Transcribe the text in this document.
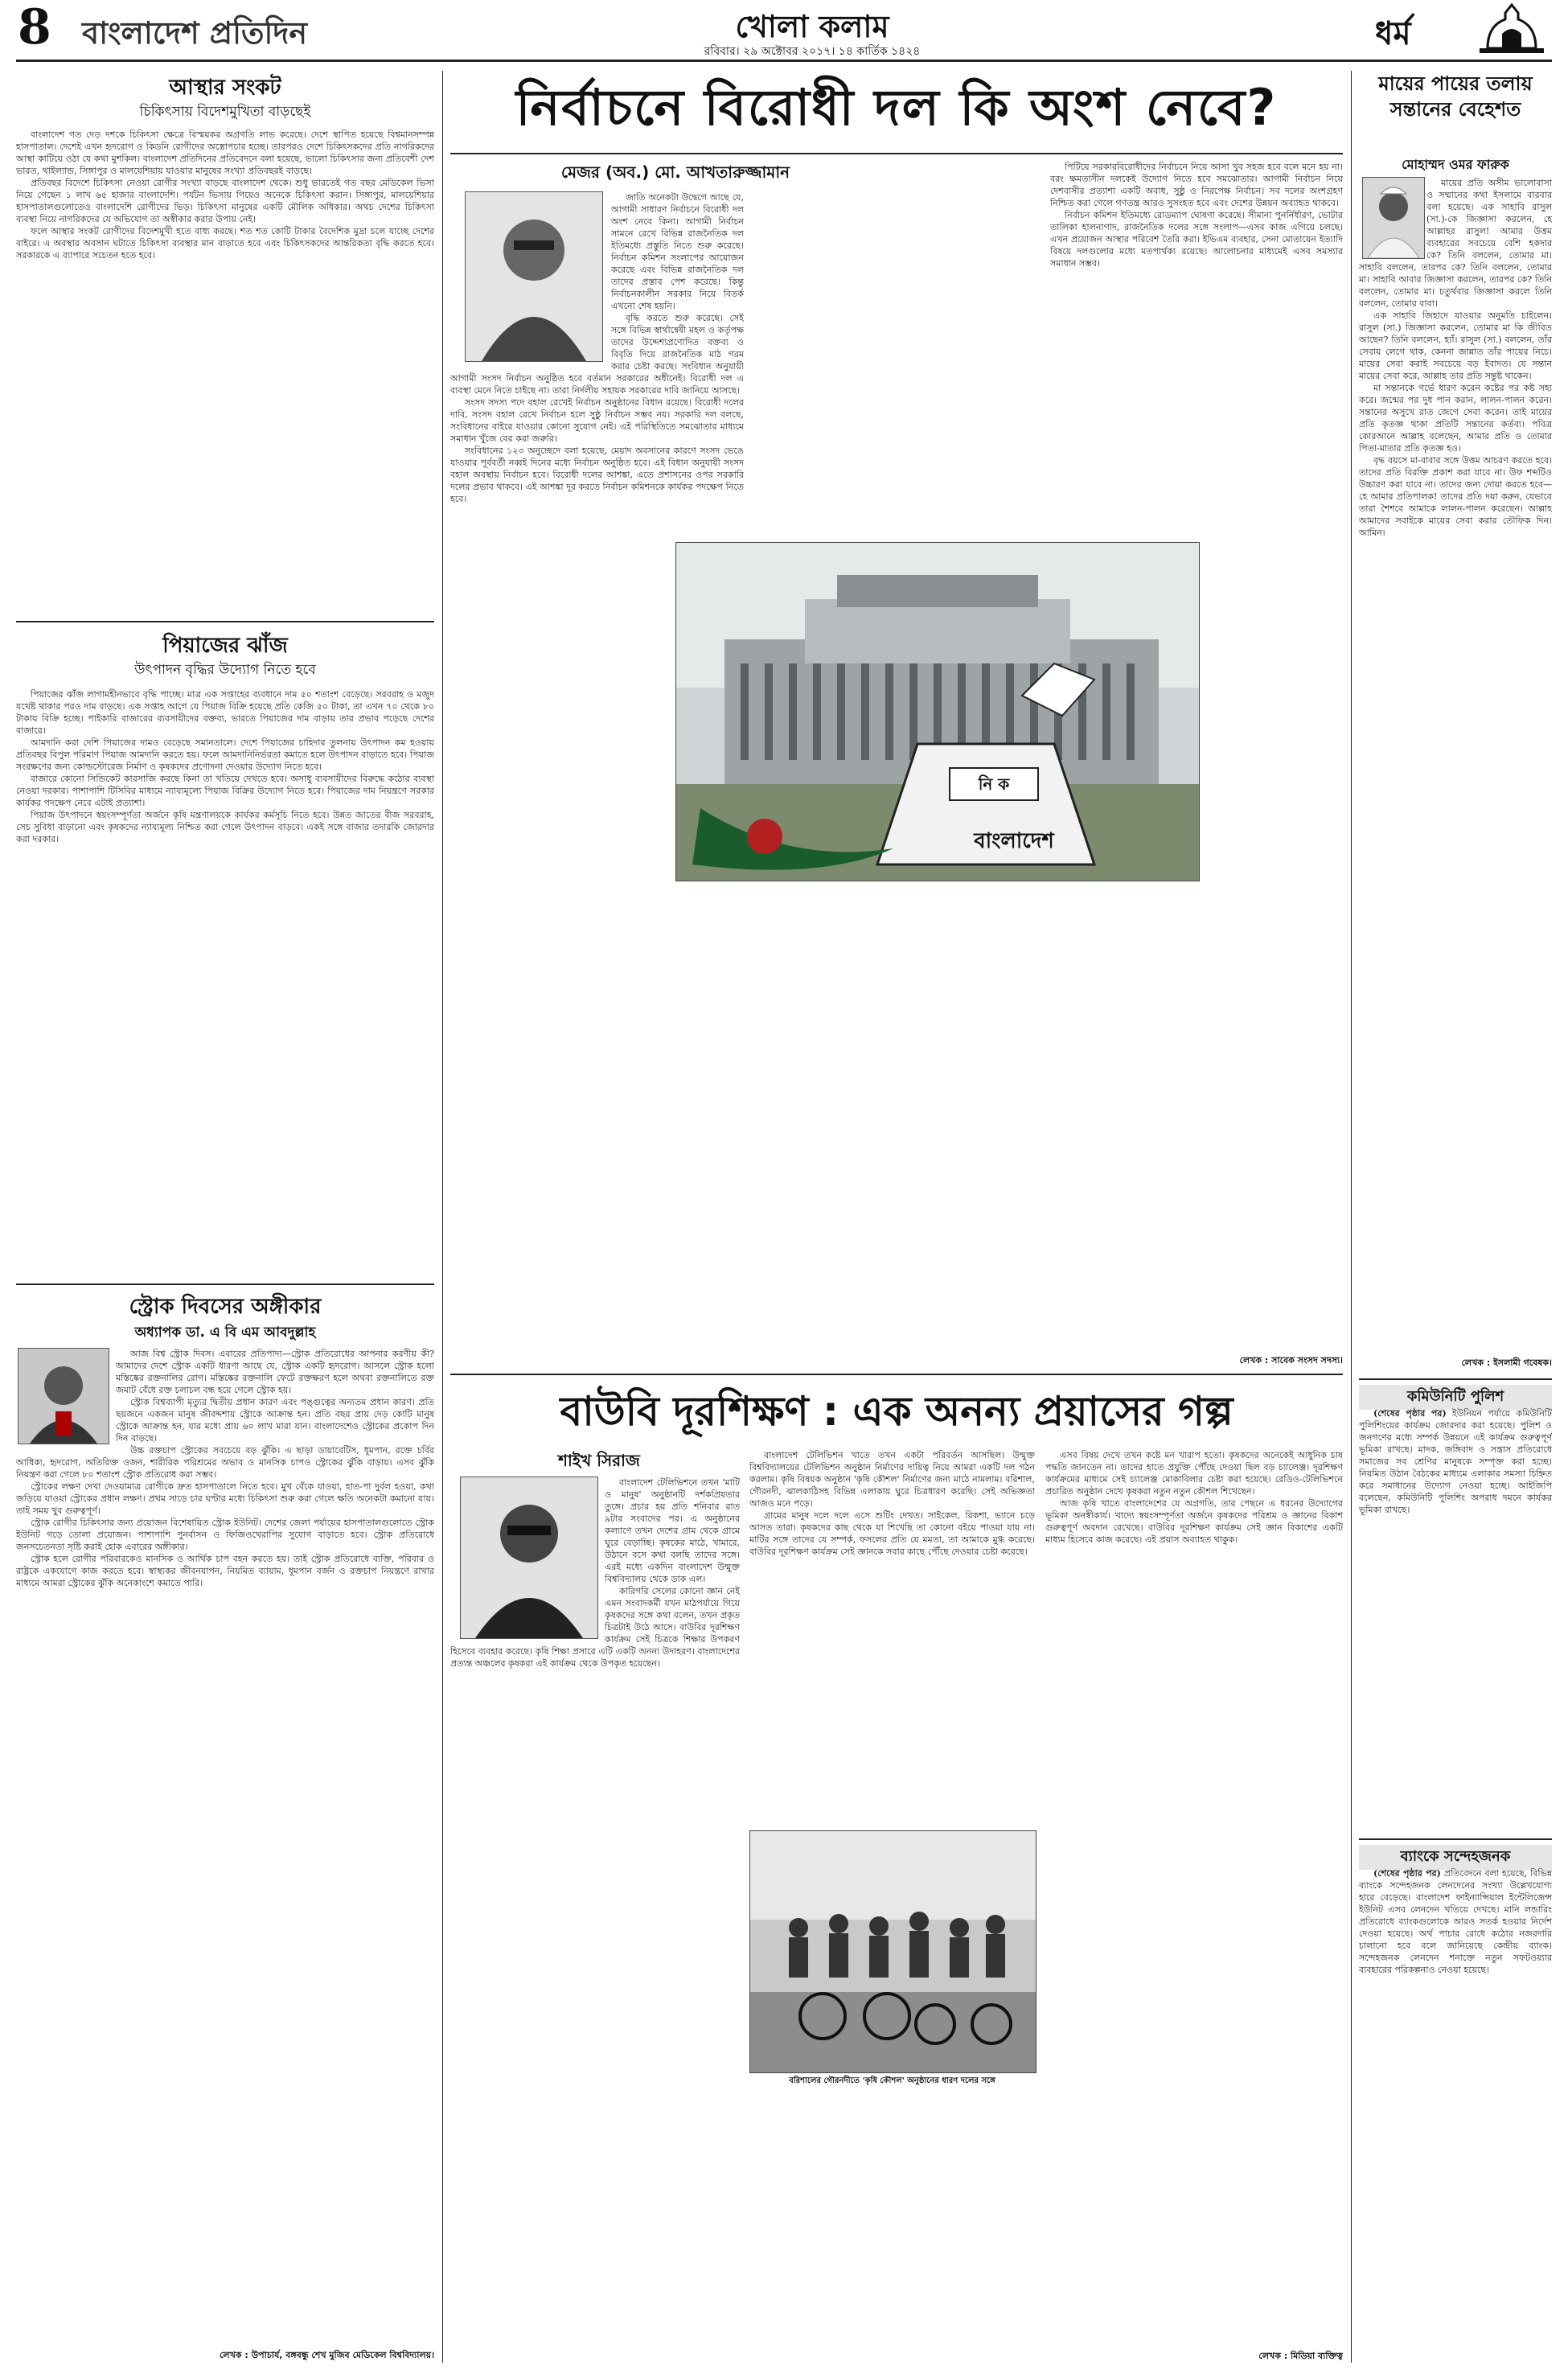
8 বাংলাদেশ প্রতিদিন	খোলা কলাম
রবিবার। ২৯ অক্টোবর ২০১৭। ১৪ কার্তিক ১৪২৪	ধর্ম
আস্থার সংকট
চিকিৎসায় বিদেশমুখিতা বাড়ছেই

বাংলাদেশ গত দেড় দশকে চিকিৎসা ক্ষেত্রে বিস্ময়কর অগ্রগতি লাভ করেছে। দেশে স্থাপিত হয়েছে বিশ্বমানসম্পন্ন হাসপাতাল। দেশেই এখন হৃদরোগ ও কিডনি রোগীদের অস্ত্রোপচার হচ্ছে। তারপরও দেশে চিকিৎসকদের প্রতি নাগরিকদের আস্থা কাটিয়ে ওঠা যে কথা মুশকিল। বাংলাদেশ প্রতিদিনের প্রতিবেদনে বলা হয়েছে, ভালো চিকিৎসার জন্য প্রতিবেশী দেশ ভারত, থাইল্যান্ড, সিঙ্গাপুর ও মালয়েশিয়ায় যাওয়ার মানুষের সংখ্যা প্রতিবছরই বাড়ছে।

প্রতিবছর বিদেশে চিকিৎসা নেওয়া রোগীর সংখ্যা বাড়ছে বাংলাদেশ থেকে। শুধু ভারতেই গত বছর মেডিকেল ভিসা নিয়ে গেছেন ১ লাখ ৬৫ হাজার বাংলাদেশি। পর্যটন ভিসায় গিয়েও অনেকে চিকিৎসা করান। সিঙ্গাপুর, মালয়েশিয়ার হাসপাতালগুলোতেও বাংলাদেশি রোগীদের ভিড়। চিকিৎসা মানুষের একটি মৌলিক অধিকার। অথচ দেশের চিকিৎসা ব্যবস্থা নিয়ে নাগরিকদের যে অভিযোগ তা অস্বীকার করার উপায় নেই।

ফলে আস্থার সংকট রোগীদের বিদেশমুখী হতে বাধ্য করছে। শত শত কোটি টাকার বৈদেশিক মুদ্রা চলে যাচ্ছে দেশের বাইরে। এ অবস্থার অবসান ঘটাতে চিকিৎসা ব্যবস্থার মান বাড়াতে হবে এবং চিকিৎসকদের আন্তরিকতা বৃদ্ধি করতে হবে। সরকারকে এ ব্যাপারে সচেতন হতে হবে।

পিয়াজের ঝাঁজ
উৎপাদন বৃদ্ধির উদ্যোগ নিতে হবে

পিয়াজের ঝাঁজ লাগামহীনভাবে বৃদ্ধি পাচ্ছে। মাত্র এক সপ্তাহের ব্যবধানে দাম ৫০ শতাংশ বেড়েছে। সরবরাহ ও মজুদ যথেষ্ট থাকার পরও দাম বাড়ছে। এক সপ্তাহ আগে যে পিয়াজ বিক্রি হয়েছে প্রতি কেজি ৫০ টাকা, তা এখন ৭০ থেকে ৮০ টাকায় বিক্রি হচ্ছে। পাইকারি বাজারের ব্যবসায়ীদের বক্তব্য, ভারতে পিয়াজের দাম বাড়ায় তার প্রভাব পড়েছে দেশের বাজারে।

আমদানি করা দেশি পিয়াজের দামও বেড়েছে সমানতালে। দেশে পিয়াজের চাহিদার তুলনায় উৎপাদন কম হওয়ায় প্রতিবছর বিপুল পরিমাণ পিয়াজ আমদানি করতে হয়। ফলে আমদানিনির্ভরতা কমাতে হলে উৎপাদন বাড়াতে হবে। পিয়াজ সংরক্ষণের জন্য কোল্ডস্টোরেজ নির্মাণ ও কৃষকদের প্রণোদনা দেওয়ার উদ্যোগ নিতে হবে।

বাজারে কোনো সিন্ডিকেট কারসাজি করছে কিনা তা খতিয়ে দেখতে হবে। অসাধু ব্যবসায়ীদের বিরুদ্ধে কঠোর ব্যবস্থা নেওয়া দরকার। পাশাপাশি টিসিবির মাধ্যমে ন্যায্যমূল্যে পিয়াজ বিক্রির উদ্যোগ নিতে হবে। পিয়াজের দাম নিয়ন্ত্রণে সরকার কার্যকর পদক্ষেপ নেবে এটাই প্রত্যাশা।

পিয়াজ উৎপাদনে স্বয়ংসম্পূর্ণতা অর্জনে কৃষি মন্ত্রণালয়কে কার্যকর কর্মসূচি নিতে হবে। উন্নত জাতের বীজ সরবরাহ, সেচ সুবিধা বাড়ানো এবং কৃষকদের ন্যায্যমূল্য নিশ্চিত করা গেলে উৎপাদন বাড়বে। একই সঙ্গে বাজার তদারকি জোরদার করা দরকার।

স্ট্রোক দিবসের অঙ্গীকার
অধ্যাপক ডা. এ বি এম আবদুল্লাহ

আজ বিশ্ব স্ট্রোক দিবস। এবারের প্রতিপাদ্য—স্ট্রোক প্রতিরোধের আপনার করণীয় কী? আমাদের দেশে স্ট্রোক একটি ধারণা আছে যে, স্ট্রোক একটি হৃদরোগ। আসলে স্ট্রোক হলো মস্তিষ্কের রক্তনালির রোগ। মস্তিষ্কের রক্তনালি ফেটে রক্তক্ষরণ হলে অথবা রক্তনালিতে রক্ত জমাট বেঁধে রক্ত চলাচল বন্ধ হয়ে গেলে স্ট্রোক হয়।

স্ট্রোক বিশ্বব্যাপী মৃত্যুর দ্বিতীয় প্রধান কারণ এবং পঙ্গুত্বের অন্যতম প্রধান কারণ। প্রতি ছয়জনে একজন মানুষ জীবদ্দশায় স্ট্রোকে আক্রান্ত হন। প্রতি বছর প্রায় দেড় কোটি মানুষ স্ট্রোকে আক্রান্ত হন, যার মধ্যে প্রায় ৬০ লাখ মারা যান। বাংলাদেশেও স্ট্রোকের প্রকোপ দিন দিন বাড়ছে।

উচ্চ রক্তচাপ স্ট্রোকের সবচেয়ে বড় ঝুঁকি। এ ছাড়া ডায়াবেটিস, ধূমপান, রক্তে চর্বির আধিক্য, হৃদরোগ, অতিরিক্ত ওজন, শারীরিক পরিশ্রমের অভাব ও মানসিক চাপও স্ট্রোকের ঝুঁকি বাড়ায়। এসব ঝুঁকি নিয়ন্ত্রণ করা গেলে ৮০ শতাংশ স্ট্রোক প্রতিরোধ করা সম্ভব।

স্ট্রোকের লক্ষণ দেখা দেওয়ামাত্র রোগীকে দ্রুত হাসপাতালে নিতে হবে। মুখ বেঁকে যাওয়া, হাত-পা দুর্বল হওয়া, কথা জড়িয়ে যাওয়া স্ট্রোকের প্রধান লক্ষণ। প্রথম সাড়ে চার ঘণ্টার মধ্যে চিকিৎসা শুরু করা গেলে ক্ষতি অনেকটা কমানো যায়। তাই সময় খুব গুরুত্বপূর্ণ।

স্ট্রোক রোগীর চিকিৎসার জন্য প্রয়োজন বিশেষায়িত স্ট্রোক ইউনিট। দেশের জেলা পর্যায়ের হাসপাতালগুলোতে স্ট্রোক ইউনিট গড়ে তোলা প্রয়োজন। পাশাপাশি পুনর্বাসন ও ফিজিওথেরাপির সুযোগ বাড়াতে হবে। স্ট্রোক প্রতিরোধে জনসচেতনতা সৃষ্টি করাই হোক এবারের অঙ্গীকার।

স্ট্রোক হলে রোগীর পরিবারকেও মানসিক ও আর্থিক চাপ বহন করতে হয়। তাই স্ট্রোক প্রতিরোধে ব্যক্তি, পরিবার ও রাষ্ট্রকে একযোগে কাজ করতে হবে। স্বাস্থ্যকর জীবনযাপন, নিয়মিত ব্যায়াম, ধূমপান বর্জন ও রক্তচাপ নিয়ন্ত্রণে রাখার মাধ্যমে আমরা স্ট্রোকের ঝুঁকি অনেকাংশে কমাতে পারি।

লেখক : উপাচার্য, বঙ্গবন্ধু শেখ মুজিব মেডিকেল বিশ্ববিদ্যালয়।
নির্বাচনে বিরোধী দল কি অংশ নেবে?
মেজর (অব.) মো. আখতারুজ্জামান

জাতি অনেকটা উদ্বেগে আছে যে, আগামী সাধারণ নির্বাচনে বিরোধী দল অংশ নেবে কিনা। আগামী নির্বাচন সামনে রেখে বিভিন্ন রাজনৈতিক দল ইতিমধ্যে প্রস্তুতি নিতে শুরু করেছে। নির্বাচন কমিশন সংলাপের আয়োজন করেছে এবং বিভিন্ন রাজনৈতিক দল তাদের প্রস্তাব পেশ করেছে। কিন্তু নির্বাচনকালীন সরকার নিয়ে বিতর্ক এখনো শেষ হয়নি।

বৃদ্ধি করতে শুরু করেছে। সেই সঙ্গে বিভিন্ন স্বার্থান্বেষী মহল ও কর্তৃপক্ষ তাদের উদ্দেশ্যপ্রণোদিত বক্তব্য ও বিবৃতি দিয়ে রাজনৈতিক মাঠ গরম করার চেষ্টা করছে। সংবিধান অনুযায়ী আগামী সংসদ নির্বাচন অনুষ্ঠিত হবে বর্তমান সরকারের অধীনেই। বিরোধী দল এ ব্যবস্থা মেনে নিতে চাইছে না। তারা নির্দলীয় সহায়ক সরকারের দাবি জানিয়ে আসছে।

সংসদ সদস্য পদে বহাল রেখেই নির্বাচন অনুষ্ঠানের বিধান রয়েছে। বিরোধী দলের দাবি, সংসদ বহাল রেখে নির্বাচন হলে সুষ্ঠু নির্বাচন সম্ভব নয়। সরকারি দল বলছে, সংবিধানের বাইরে যাওয়ার কোনো সুযোগ নেই। এই পরিস্থিতিতে সমঝোতার মাধ্যমে সমাধান খুঁজে বের করা জরুরি।

সংবিধানের ১২৩ অনুচ্ছেদে বলা হয়েছে, মেয়াদ অবসানের কারণে সংসদ ভেঙে যাওয়ার পূর্ববর্তী নব্বই দিনের মধ্যে নির্বাচন অনুষ্ঠিত হবে। এই বিধান অনুযায়ী সংসদ বহাল অবস্থায় নির্বাচন হবে। বিরোধী দলের আশঙ্কা, এতে প্রশাসনের ওপর সরকারি দলের প্রভাব থাকবে। এই আশঙ্কা দূর করতে নির্বাচন কমিশনকে কার্যকর পদক্ষেপ নিতে হবে।

পিটিয়ে সরকারবিরোধীদের নির্বাচনে নিয়ে আসা খুব সহজ হবে বলে মনে হয় না। বরং ক্ষমতাসীন দলকেই উদ্যোগ নিতে হবে সমঝোতার। আগামী নির্বাচন নিয়ে দেশবাসীর প্রত্যাশা একটি অবাধ, সুষ্ঠু ও নিরপেক্ষ নির্বাচন। সব দলের অংশগ্রহণ নিশ্চিত করা গেলে গণতন্ত্র আরও সুসংহত হবে এবং দেশের উন্নয়ন অব্যাহত থাকবে।

নির্বাচন কমিশন ইতিমধ্যে রোডম্যাপ ঘোষণা করেছে। সীমানা পুনর্নির্ধারণ, ভোটার তালিকা হালনাগাদ, রাজনৈতিক দলের সঙ্গে সংলাপ—এসব কাজ এগিয়ে চলছে। এখন প্রয়োজন আস্থার পরিবেশ তৈরি করা। ইভিএম ব্যবহার, সেনা মোতায়েন ইত্যাদি বিষয়ে দলগুলোর মধ্যে মতপার্থক্য রয়েছে। আলোচনার মাধ্যমেই এসব সমস্যার সমাধান সম্ভব।

নি ক
বাংলাদেশ
লেখক : সাবেক সংসদ সদস্য।
বাউবি দূরশিক্ষণ : এক অনন্য প্রয়াসের গল্প
শাইখ সিরাজ

বাংলাদেশ টেলিভিশনে তখন 'মাটি ও মানুষ' অনুষ্ঠানটি দর্শকপ্রিয়তার তুঙ্গে। প্রচার হয় প্রতি শনিবার রাত ৯টার সংবাদের পর। এ অনুষ্ঠানের কল্যাণে তখন দেশের গ্রাম থেকে গ্রামে ঘুরে বেড়াচ্ছি। কৃষকের মাঠে, খামারে, উঠানে বসে কথা বলছি তাদের সঙ্গে। এরই মধ্যে একদিন বাংলাদেশ উন্মুক্ত বিশ্ববিদ্যালয় থেকে ডাক এল।

কারিগরি সেলের কোনো জ্ঞান নেই এমন সংবাদকর্মী যখন মাঠপর্যায়ে গিয়ে কৃষকদের সঙ্গে কথা বলেন, তখন প্রকৃত চিত্রটাই উঠে আসে। বাউবির দূরশিক্ষণ কার্যক্রম সেই চিত্রকে শিক্ষার উপকরণ হিসেবে ব্যবহার করেছে। কৃষি শিক্ষা প্রসারে এটি একটি অনন্য উদাহরণ। বাংলাদেশের প্রত্যন্ত অঞ্চলের কৃষকরা এই কার্যক্রম থেকে উপকৃত হয়েছেন।

বাংলাদেশ টেলিভিশন খাতে তখন একটা পরিবর্তন আসছিল। উন্মুক্ত বিশ্ববিদ্যালয়ের টেলিভিশন অনুষ্ঠান নির্মাণের দায়িত্ব নিয়ে আমরা একটি দল গঠন করলাম। কৃষি বিষয়ক অনুষ্ঠান 'কৃষি কৌশল' নির্মাণের জন্য মাঠে নামলাম। বরিশাল, গৌরনদী, ঝালকাঠিসহ বিভিন্ন এলাকায় ঘুরে চিত্রধারণ করেছি। সেই অভিজ্ঞতা আজও মনে পড়ে।

গ্রামের মানুষ দলে দলে এসে শুটিং দেখত। সাইকেল, রিকশা, ভ্যানে চড়ে আসত তারা। কৃষকদের কাছ থেকে যা শিখেছি তা কোনো বইয়ে পাওয়া যায় না। মাটির সঙ্গে তাদের যে সম্পর্ক, ফসলের প্রতি যে মমতা, তা আমাকে মুগ্ধ করেছে। বাউবির দূরশিক্ষণ কার্যক্রম সেই জ্ঞানকে সবার কাছে পৌঁছে দেওয়ার চেষ্টা করেছে।

এসব বিষয় দেখে তখন কষ্টে মন খারাপ হতো। কৃষকদের অনেকেই আধুনিক চাষ পদ্ধতি জানতেন না। তাদের হাতে প্রযুক্তি পৌঁছে দেওয়া ছিল বড় চ্যালেঞ্জ। দূরশিক্ষণ কার্যক্রমের মাধ্যমে সেই চ্যালেঞ্জ মোকাবিলার চেষ্টা করা হয়েছে। রেডিও-টেলিভিশনে প্রচারিত অনুষ্ঠান দেখে কৃষকরা নতুন নতুন কৌশল শিখেছেন।

আজ কৃষি খাতে বাংলাদেশের যে অগ্রগতি, তার পেছনে এ ধরনের উদ্যোগের ভূমিকা অনস্বীকার্য। খাদ্যে স্বয়ংসম্পূর্ণতা অর্জনে কৃষকদের পরিশ্রম ও জ্ঞানের বিকাশ গুরুত্বপূর্ণ অবদান রেখেছে। বাউবির দূরশিক্ষণ কার্যক্রম সেই জ্ঞান বিকাশের একটি মাধ্যম হিসেবে কাজ করেছে। এই প্রয়াস অব্যাহত থাকুক।

বরিশালের গৌরনদীতে 'কৃষি কৌশল' অনুষ্ঠানের ধারণ দলের সঙ্গে
লেখক : মিডিয়া ব্যক্তিত্ব
মায়ের পায়ের তলায় সন্তানের বেহেশত
মোহাম্মদ ওমর ফারুক

মায়ের প্রতি অসীম ভালোবাসা ও সম্মানের কথা ইসলামে বারবার বলা হয়েছে। এক সাহাবি রাসুল (সা.)-কে জিজ্ঞাসা করলেন, হে আল্লাহর রাসুল! আমার উত্তম ব্যবহারের সবচেয়ে বেশি হকদার কে? তিনি বললেন, তোমার মা। সাহাবি বললেন, তারপর কে? তিনি বললেন, তোমার মা। সাহাবি আবার জিজ্ঞাসা করলেন, তারপর কে? তিনি বললেন, তোমার মা। চতুর্থবার জিজ্ঞাসা করলে তিনি বললেন, তোমার বাবা।

এক সাহাবি জিহাদে যাওয়ার অনুমতি চাইলেন। রাসুল (সা.) জিজ্ঞাসা করলেন, তোমার মা কি জীবিত আছেন? তিনি বললেন, হ্যাঁ। রাসুল (সা.) বললেন, তাঁর সেবায় লেগে থাক, কেননা জান্নাত তাঁর পায়ের নিচে। মায়ের সেবা করাই সবচেয়ে বড় ইবাদত। যে সন্তান মায়ের সেবা করে, আল্লাহ তার প্রতি সন্তুষ্ট থাকেন।

মা সন্তানকে গর্ভে ধারণ করেন কষ্টের পর কষ্ট সহ্য করে। জন্মের পর দুধ পান করান, লালন-পালন করেন। সন্তানের অসুখে রাত জেগে সেবা করেন। তাই মায়ের প্রতি কৃতজ্ঞ থাকা প্রতিটি সন্তানের কর্তব্য। পবিত্র কোরআনে আল্লাহ বলেছেন, আমার প্রতি ও তোমার পিতা-মাতার প্রতি কৃতজ্ঞ হও।

বৃদ্ধ বয়সে মা-বাবার সঙ্গে উত্তম আচরণ করতে হবে। তাদের প্রতি বিরক্তি প্রকাশ করা যাবে না। উফ শব্দটিও উচ্চারণ করা যাবে না। তাদের জন্য দোয়া করতে হবে—হে আমার প্রতিপালক! তাদের প্রতি দয়া করুন, যেভাবে তারা শৈশবে আমাকে লালন-পালন করেছেন। আল্লাহ আমাদের সবাইকে মায়ের সেবা করার তৌফিক দিন। আমিন।

লেখক : ইসলামী গবেষক।
কমিউনিটি পুলিশ

(শেষের পৃষ্ঠার পর) ইউনিয়ন পর্যায়ে কমিউনিটি পুলিশিংয়ের কার্যক্রম জোরদার করা হয়েছে। পুলিশ ও জনগণের মধ্যে সম্পর্ক উন্নয়নে এই কার্যক্রম গুরুত্বপূর্ণ ভূমিকা রাখছে। মাদক, জঙ্গিবাদ ও সন্ত্রাস প্রতিরোধে সমাজের সব শ্রেণির মানুষকে সম্পৃক্ত করা হচ্ছে। নিয়মিত উঠান বৈঠকের মাধ্যমে এলাকার সমস্যা চিহ্নিত করে সমাধানের উদ্যোগ নেওয়া হচ্ছে। আইজিপি বলেছেন, কমিউনিটি পুলিশিং অপরাধ দমনে কার্যকর ভূমিকা রাখছে।

ব্যাংকে সন্দেহজনক

(শেষের পৃষ্ঠার পর) প্রতিবেদনে বলা হয়েছে, বিভিন্ন ব্যাংকে সন্দেহজনক লেনদেনের সংখ্যা উল্লেখযোগ্য হারে বেড়েছে। বাংলাদেশ ফাইন্যান্সিয়াল ইন্টেলিজেন্স ইউনিট এসব লেনদেন খতিয়ে দেখছে। মানি লন্ডারিং প্রতিরোধে ব্যাংকগুলোকে আরও সতর্ক হওয়ার নির্দেশ দেওয়া হয়েছে। অর্থ পাচার রোধে কঠোর নজরদারি চালানো হবে বলে জানিয়েছে কেন্দ্রীয় ব্যাংক। সন্দেহজনক লেনদেন শনাক্তে নতুন সফটওয়্যার ব্যবহারের পরিকল্পনাও নেওয়া হয়েছে।
